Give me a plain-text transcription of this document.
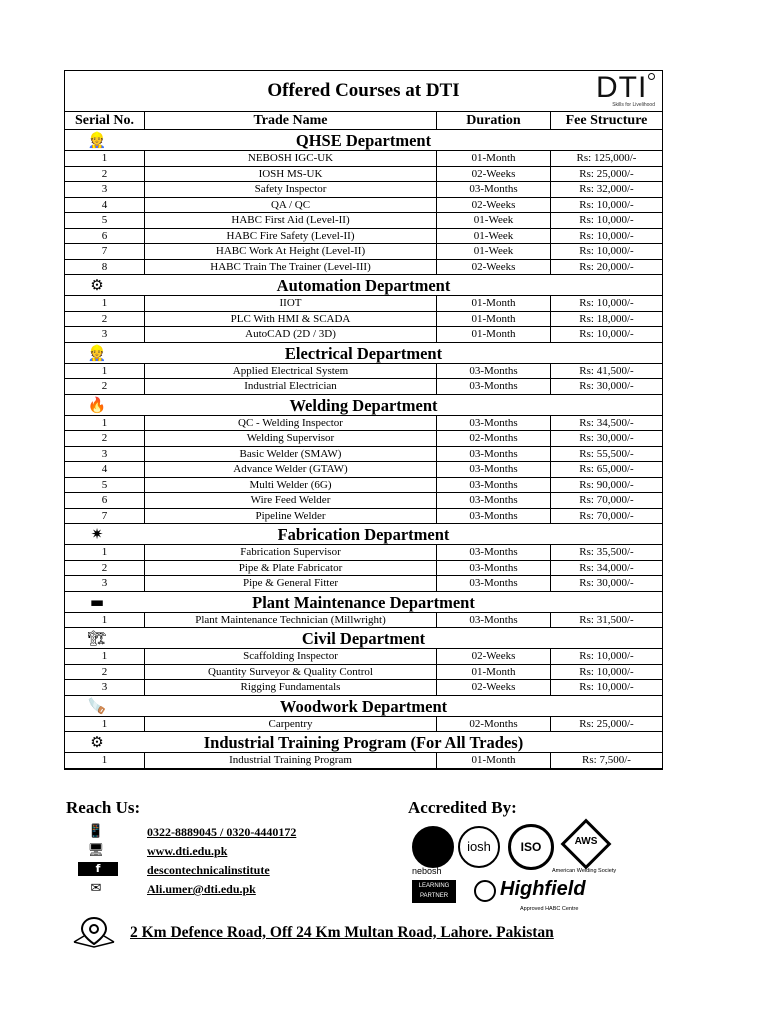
Offered Courses at DTI	DTI
Skills for Livelihood
Serial No.	Trade Name	Duration	Fee Structure
👷	QHSE Department
1	NEBOSH IGC-UK	01-Month	Rs: 125,000/-
2	IOSH MS-UK	02-Weeks	Rs: 25,000/-
3	Safety Inspector	03-Months	Rs: 32,000/-
4	QA / QC	02-Weeks	Rs: 10,000/-
5	HABC First Aid (Level-II)	01-Week	Rs: 10,000/-
6	HABC Fire Safety (Level-II)	01-Week	Rs: 10,000/-
7	HABC Work At Height (Level-II)	01-Week	Rs: 10,000/-
8	HABC Train The Trainer (Level-III)	02-Weeks	Rs: 20,000/-
⚙	Automation Department
1	IIOT	01-Month	Rs: 10,000/-
2	PLC With HMI & SCADA	01-Month	Rs: 18,000/-
3	AutoCAD (2D / 3D)	01-Month	Rs: 10,000/-
👷	Electrical Department
1	Applied Electrical System	03-Months	Rs: 41,500/-
2	Industrial Electrician	03-Months	Rs: 30,000/-
🔥	Welding Department
1	QC - Welding Inspector	03-Months	Rs: 34,500/-
2	Welding Supervisor	02-Months	Rs: 30,000/-
3	Basic Welder (SMAW)	03-Months	Rs: 55,500/-
4	Advance Welder (GTAW)	03-Months	Rs: 65,000/-
5	Multi Welder (6G)	03-Months	Rs: 90,000/-
6	Wire Feed Welder	03-Months	Rs: 70,000/-
7	Pipeline Welder	03-Months	Rs: 70,000/-
✷	Fabrication Department
1	Fabrication Supervisor	03-Months	Rs: 35,500/-
2	Pipe & Plate Fabricator	03-Months	Rs: 34,000/-
3	Pipe & General Fitter	03-Months	Rs: 30,000/-
▬	Plant Maintenance Department
1	Plant Maintenance Technician (Millwright)	03-Months	Rs: 31,500/-
🏗	Civil Department
1	Scaffolding Inspector	02-Weeks	Rs: 10,000/-
2	Quantity Surveyor & Quality Control	01-Month	Rs: 10,000/-
3	Rigging Fundamentals	02-Weeks	Rs: 10,000/-
🪚	Woodwork Department
1	Carpentry	02-Months	Rs: 25,000/-
⚙	Industrial Training Program (For All Trades)
1	Industrial Training Program	01-Month	Rs: 7,500/-
Reach Us:
📱	0322-8889045 / 0320-4440172
🖥	www.dti.edu.pk
f	descontechnicalinstitute
✉	Ali.umer@dti.edu.pk
Accredited By:
nebosh
iosh	ISO	AWS
American Welding Society
LEARNING PARTNER	Highfield
Approved HABC Centre
2 Km Defence Road, Off 24 Km Multan Road, Lahore. Pakistan
